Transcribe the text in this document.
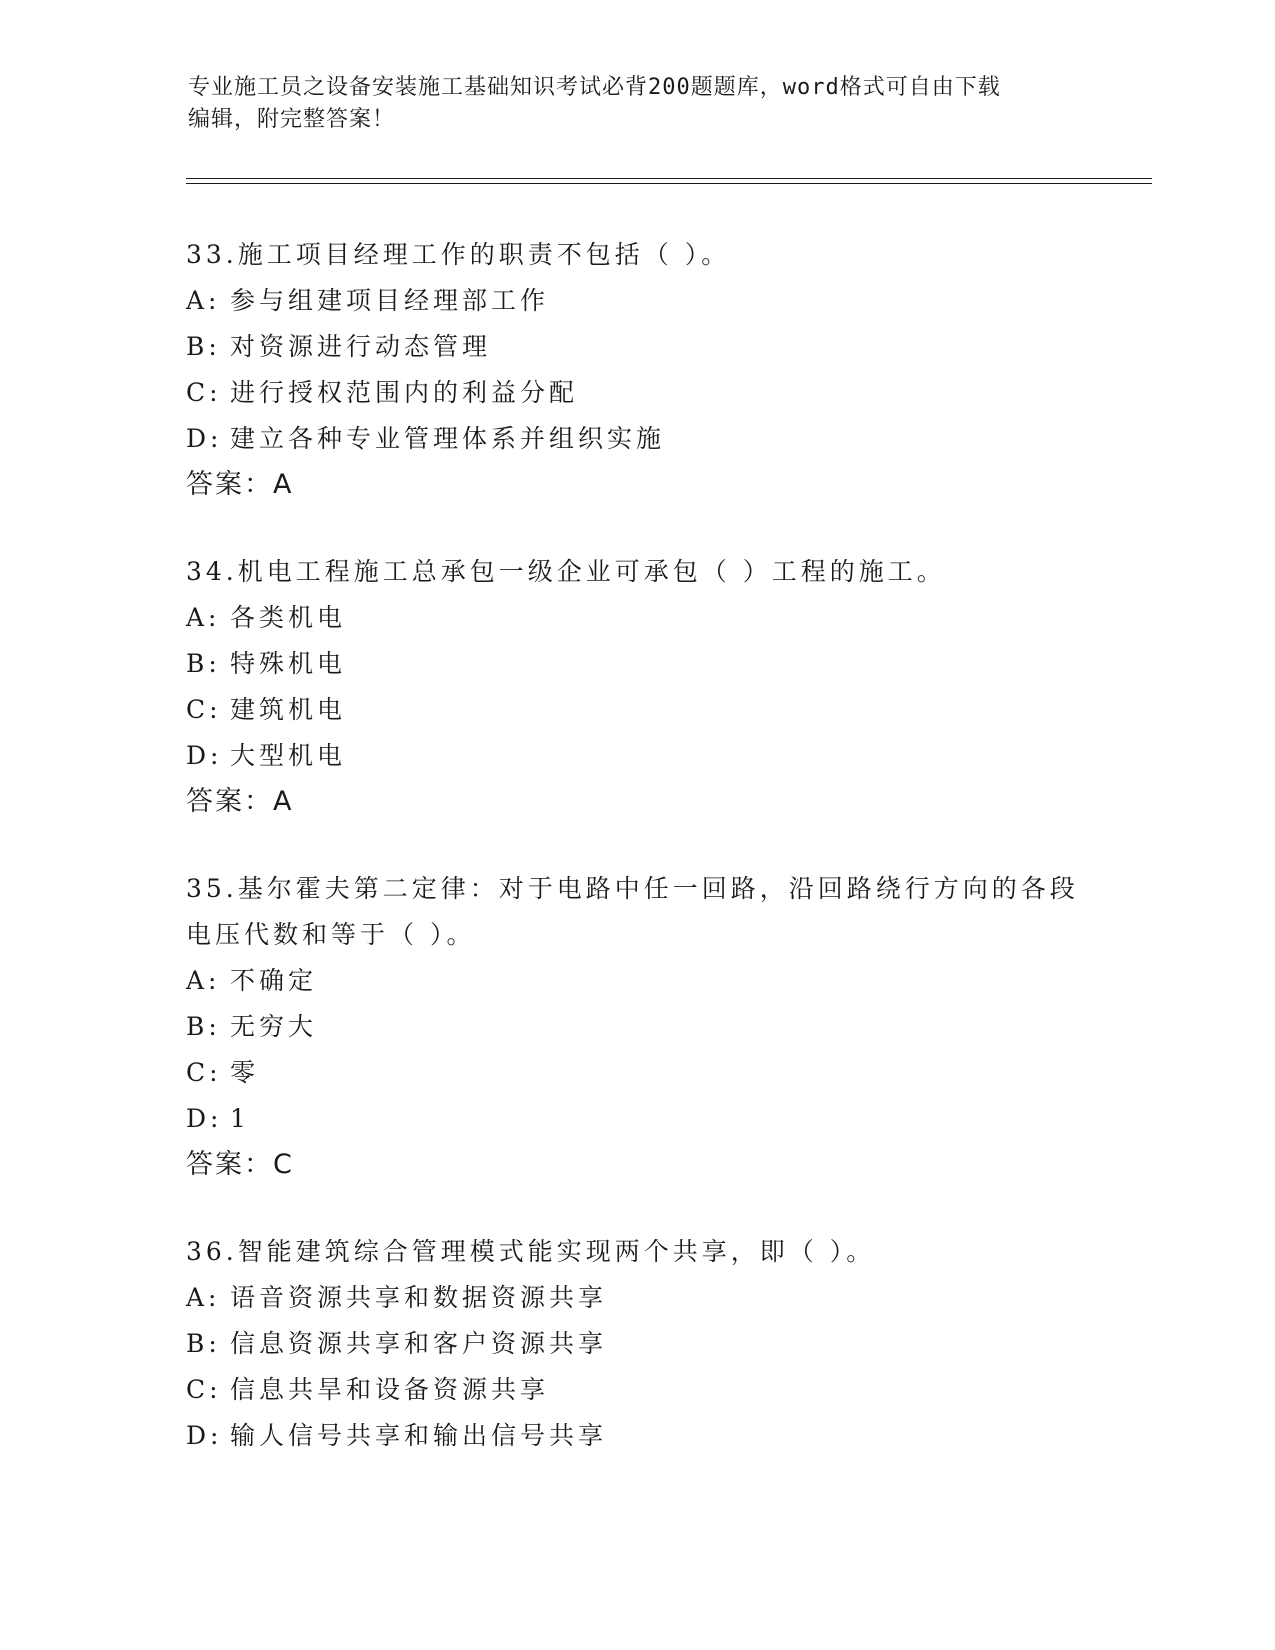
专业施工员之设备安装施工基础知识考试必背200题题库，word格式可自由下载
编辑，附完整答案！
33.施工项目经理工作的职责不包括（ ）。
A: 参与组建项目经理部工作
B: 对资源进行动态管理
C: 进行授权范围内的利益分配
D: 建立各种专业管理体系并组织实施
答案：A
34.机电工程施工总承包一级企业可承包（ ）工程的施工。
A: 各类机电
B: 特殊机电
C: 建筑机电
D: 大型机电
答案：A
35.基尔霍夫第二定律：对于电路中任一回路，沿回路绕行方向的各段
电压代数和等于（ ）。
A: 不确定
B: 无穷大
C: 零
D: 1
答案：C
36.智能建筑综合管理模式能实现两个共享，即（ ）。
A: 语音资源共享和数据资源共享
B: 信息资源共享和客户资源共享
C: 信息共旱和设备资源共享
D: 输人信号共享和输出信号共享
